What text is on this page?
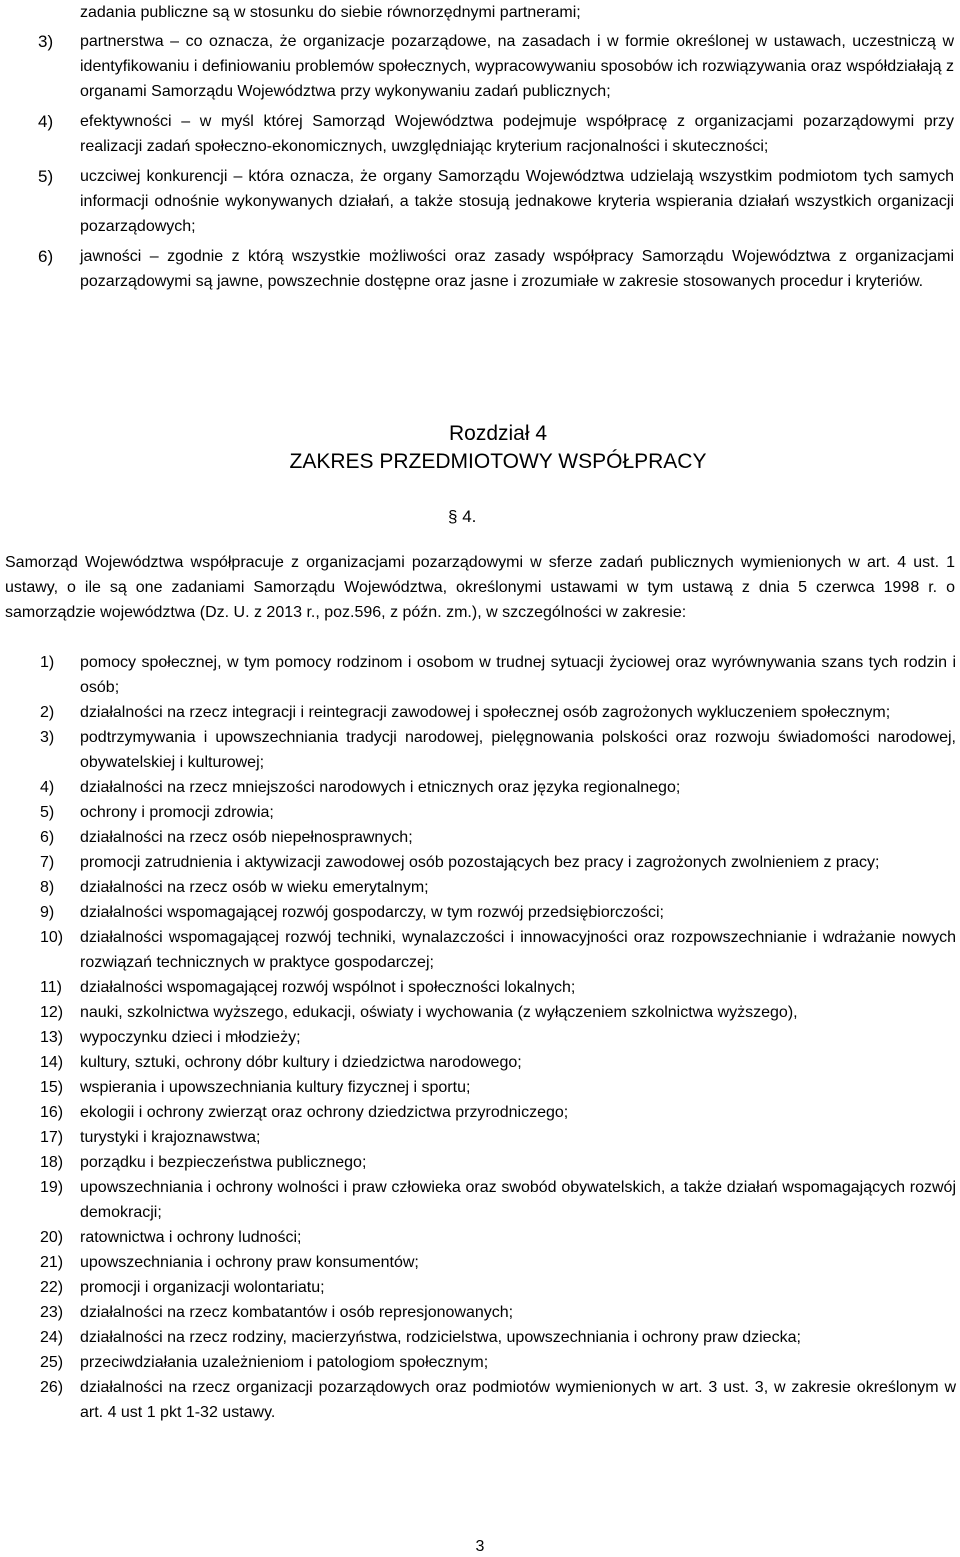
zadania publiczne są w stosunku do siebie równorzędnymi partnerami;

3)	partnerstwa – co oznacza, że organizacje pozarządowe, na zasadach i w formie określonej w ustawach, uczestniczą w identyfikowaniu i definiowaniu problemów społecznych, wypracowywaniu sposobów ich rozwiązywania oraz współdziałają z organami Samorządu Województwa przy wykonywaniu zadań publicznych;

4)	efektywności – w myśl której Samorząd Województwa podejmuje współpracę z organizacjami pozarządowymi przy realizacji zadań społeczno-ekonomicznych, uwzględniając kryterium racjonalności i skuteczności;

5)	uczciwej konkurencji – która oznacza, że organy Samorządu Województwa udzielają wszystkim podmiotom tych samych informacji odnośnie wykonywanych działań, a także stosują jednakowe kryteria wspierania działań wszystkich organizacji pozarządowych;

6)	jawności – zgodnie z którą wszystkie możliwości oraz zasady współpracy Samorządu Województwa z organizacjami pozarządowymi są jawne, powszechnie dostępne oraz jasne i zrozumiałe w zakresie stosowanych procedur i kryteriów.

Rozdział 4
ZAKRES PRZEDMIOTOWY WSPÓŁPRACY
§ 4.

Samorząd Województwa współpracuje z organizacjami pozarządowymi w sferze zadań publicznych wymienionych w art. 4 ust. 1 ustawy, o ile są one zadaniami Samorządu Województwa, określonymi ustawami w tym ustawą z dnia 5 czerwca 1998 r. o samorządzie województwa (Dz. U. z 2013 r., poz.596, z późn. zm.), w szczególności w zakresie:

1)	pomocy społecznej, w tym pomocy rodzinom i osobom w trudnej sytuacji życiowej oraz wyrównywania szans tych rodzin i osób;

2)	działalności na rzecz integracji i reintegracji zawodowej i społecznej osób zagrożonych wykluczeniem społecznym;

3)	podtrzymywania i upowszechniania tradycji narodowej, pielęgnowania polskości oraz rozwoju świadomości narodowej, obywatelskiej i kulturowej;

4)	działalności na rzecz mniejszości narodowych i etnicznych oraz języka regionalnego;

5)	ochrony i promocji zdrowia;

6)	działalności na rzecz osób niepełnosprawnych;

7)	promocji zatrudnienia i aktywizacji zawodowej osób pozostających bez pracy i zagrożonych zwolnieniem z pracy;

8)	działalności na rzecz osób w wieku emerytalnym;

9)	działalności wspomagającej rozwój gospodarczy, w tym rozwój przedsiębiorczości;

10)	działalności wspomagającej rozwój techniki, wynalazczości i innowacyjności oraz rozpowszechnianie i wdrażanie nowych rozwiązań technicznych w praktyce gospodarczej;

11)	działalności wspomagającej rozwój wspólnot i społeczności lokalnych;

12)	nauki, szkolnictwa wyższego, edukacji, oświaty i wychowania (z wyłączeniem szkolnictwa wyższego),

13)	wypoczynku dzieci i młodzieży;

14)	kultury, sztuki, ochrony dóbr kultury i dziedzictwa narodowego;

15)	wspierania i upowszechniania kultury fizycznej i sportu;

16)	ekologii i ochrony zwierząt oraz ochrony dziedzictwa przyrodniczego;

17)	turystyki i krajoznawstwa;

18)	porządku i bezpieczeństwa publicznego;

19)	upowszechniania i ochrony wolności i praw człowieka oraz swobód obywatelskich, a także działań wspomagających rozwój demokracji;

20)	ratownictwa i ochrony ludności;

21)	upowszechniania i ochrony praw konsumentów;

22)	promocji i organizacji wolontariatu;

23)	działalności na rzecz kombatantów i osób represjonowanych;

24)	działalności na rzecz rodziny, macierzyństwa, rodzicielstwa, upowszechniania i ochrony praw dziecka;

25)	przeciwdziałania uzależnieniom i patologiom społecznym;

26)	działalności na rzecz organizacji pozarządowych oraz podmiotów wymienionych w art. 3 ust. 3, w zakresie określonym w art. 4 ust 1 pkt 1-32 ustawy.

3
